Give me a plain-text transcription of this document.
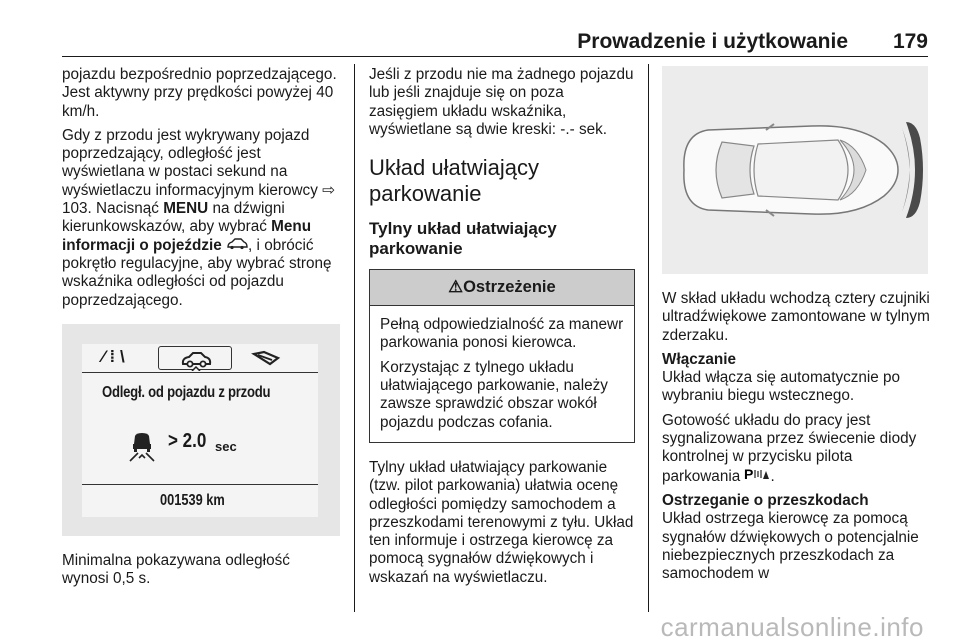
Prowadzenie i użytkowanie 179

pojazdu bezpośrednio poprzedzającego. Jest aktywny przy prędkości powyżej 40 km/h.

Gdy z przodu jest wykrywany pojazd poprzedzający, odległość jest wyświetlana w postaci sekund na wyświetlaczu informacyjnym kierowcy ⇨ 103. Nacisnąć MENU na dźwigni kierunkowskazów, aby wybrać Menu informacji o pojeździe , i obrócić pokrętło regulacyjne, aby wybrać stronę wskaźnika odległości od pojazdu poprzedzającego.

⁄ ⁞ \
Odległ. od pojazdu z przodu
> 2.0 sec
001539 km

Minimalna pokazywana odległość wynosi 0,5 s.

Jeśli z przodu nie ma żadnego pojazdu lub jeśli znajduje się on poza zasięgiem układu wskaźnika, wyświetlane są dwie kreski: -.- sek.

Układ ułatwiający parkowanie
Tylny układ ułatwiający parkowanie
⚠Ostrzeżenie

Pełną odpowiedzialność za manewr parkowania ponosi kierowca.

Korzystając z tylnego układu ułatwiającego parkowanie, należy zawsze sprawdzić obszar wokół pojazdu podczas cofania.

Tylny układ ułatwiający parkowanie (tzw. pilot parkowania) ułatwia ocenę odległości pomiędzy samochodem a przeszkodami terenowymi z tyłu. Układ ten informuje i ostrzega kierowcę za pomocą sygnałów dźwiękowych i wskazań na wyświetlaczu.

W skład układu wchodzą cztery czujniki ultradźwiękowe zamontowane w tylnym zderzaku.

Włączanie

Układ włącza się automatycznie po wybraniu biegu wstecznego.

Gotowość układu do pracy jest sygnalizowana przez świecenie diody kontrolnej w przycisku pilota parkowania P .

Ostrzeganie o przeszkodach

Układ ostrzega kierowcę za pomocą sygnałów dźwiękowych o potencjalnie niebezpiecznych przeszkodach za samochodem w

carmanualsonline.info
